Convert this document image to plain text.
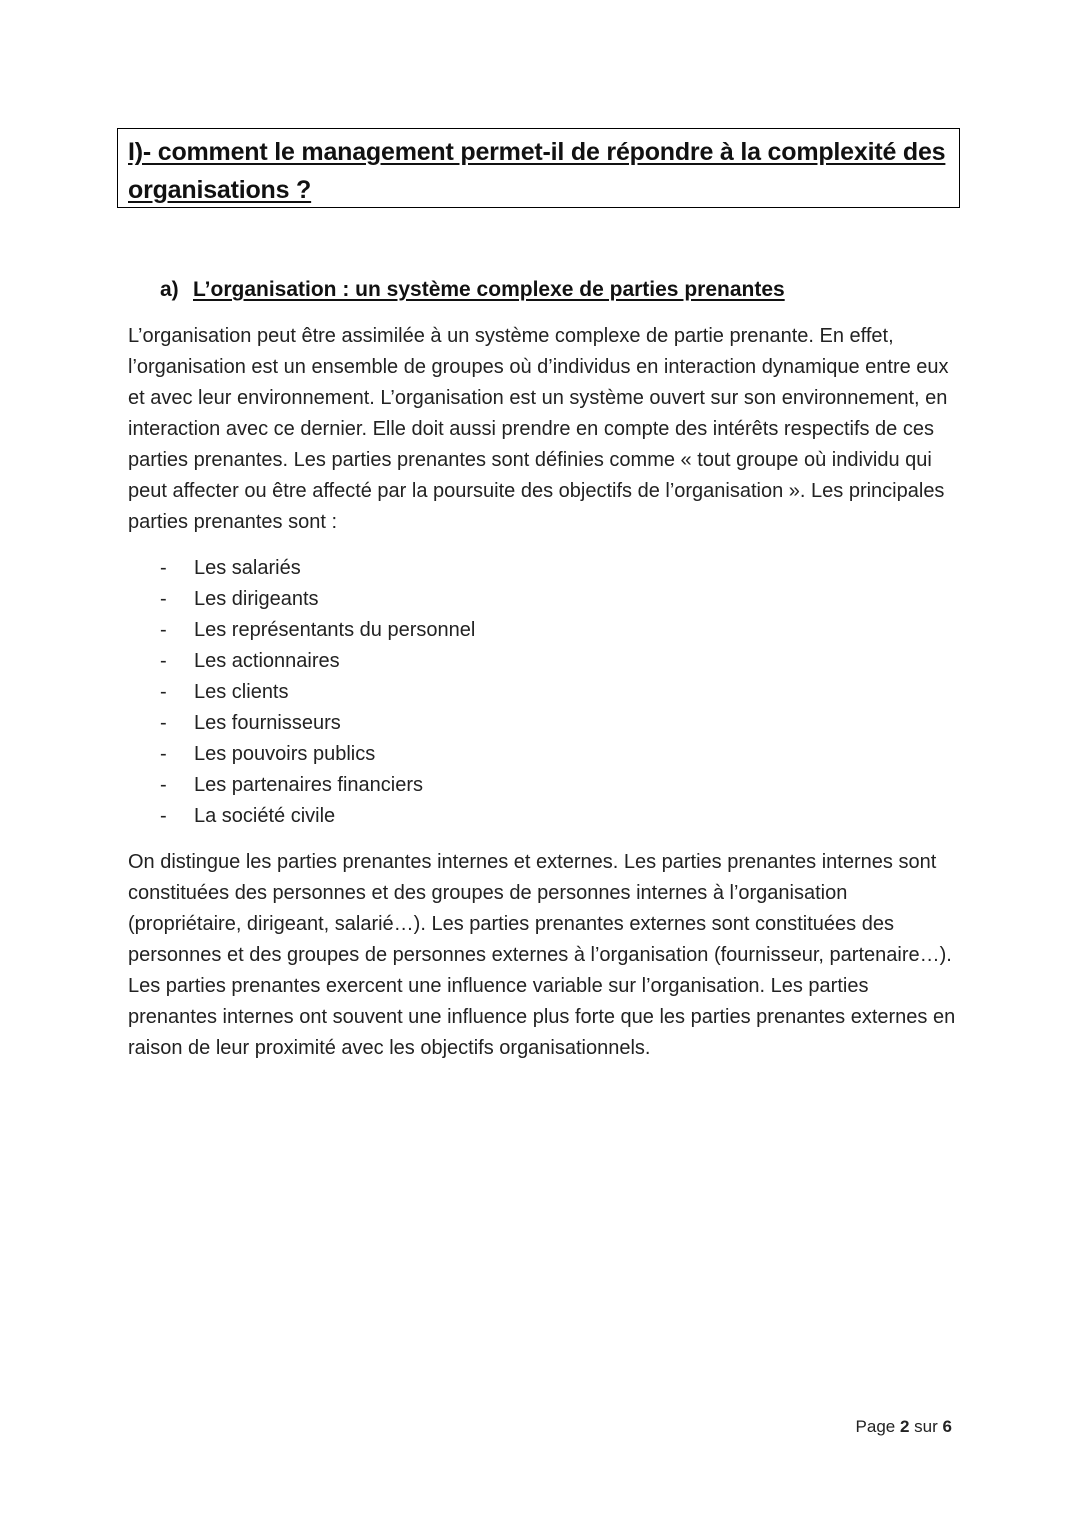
I)- comment le management permet-il de répondre à la complexité des organisations ?

a) L’organisation : un système complexe de parties prenantes

L’organisation peut être assimilée à un système complexe de partie prenante. En effet, l’organisation est un ensemble de groupes où d’individus en interaction dynamique entre eux et avec leur environnement. L’organisation est un système ouvert sur son environnement, en interaction avec ce dernier. Elle doit aussi prendre en compte des intérêts respectifs de ces parties prenantes. Les parties prenantes sont définies comme « tout groupe où individu qui peut affecter ou être affecté par la poursuite des objectifs de l’organisation ». Les principales parties prenantes sont :

-	Les salariés
-	Les dirigeants
-	Les représentants du personnel
-	Les actionnaires
-	Les clients
-	Les fournisseurs
-	Les pouvoirs publics
-	Les partenaires financiers
-	La société civile

On distingue les parties prenantes internes et externes. Les parties prenantes internes sont constituées des personnes et des groupes de personnes internes à l’organisation (propriétaire, dirigeant, salarié…). Les parties prenantes externes sont constituées des personnes et des groupes de personnes externes à l’organisation (fournisseur, partenaire…). Les parties prenantes exercent une influence variable sur l’organisation. Les parties prenantes internes ont souvent une influence plus forte que les parties prenantes externes en raison de leur proximité avec les objectifs organisationnels.

Page 2 sur 6
